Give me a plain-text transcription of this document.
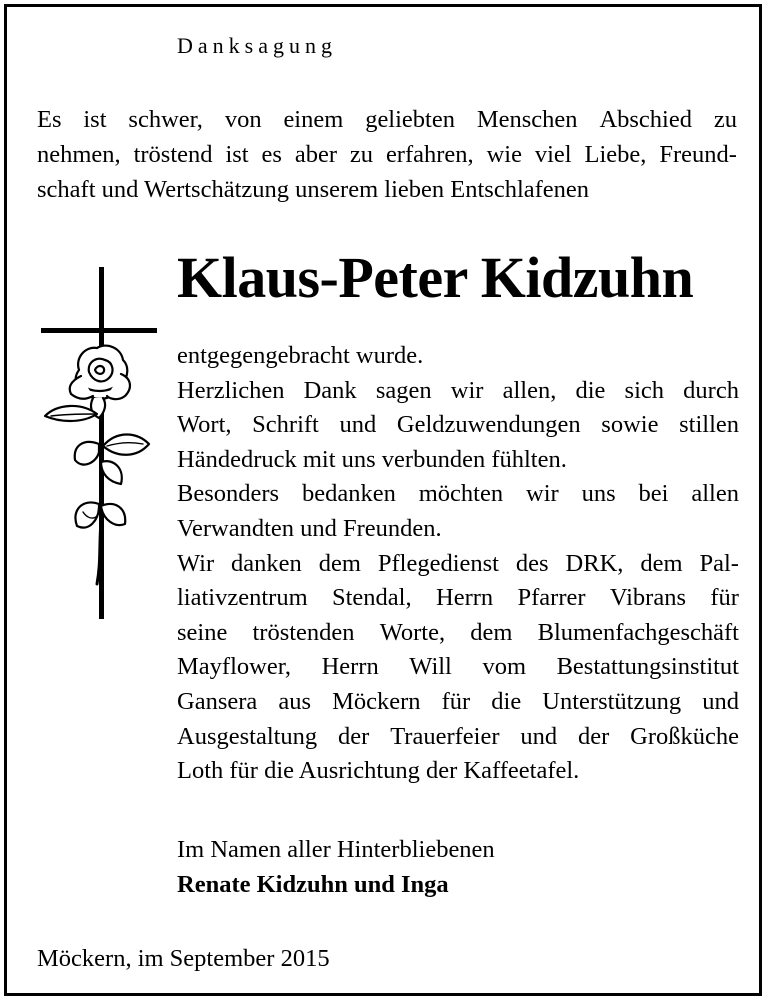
Danksagung
Es ist schwer, von einem geliebten Menschen Abschied zu
nehmen, tröstend ist es aber zu erfahren, wie viel Liebe, Freund-
schaft und Wertschätzung unserem lieben Entschlafenen
Klaus-Peter Kidzuhn
entgegengebracht wurde.
Herzlichen Dank sagen wir allen, die sich durch
Wort, Schrift und Geldzuwendungen sowie stillen
Händedruck mit uns verbunden fühlten.
Besonders bedanken möchten wir uns bei allen
Verwandten und Freunden.
Wir danken dem Pflegedienst des DRK, dem Pal-
liativzentrum Stendal, Herrn Pfarrer Vibrans für
seine tröstenden Worte, dem Blumenfachgeschäft
Mayflower, Herrn Will vom Bestattungsinstitut
Gansera aus Möckern für die Unterstützung und
Ausgestaltung der Trauerfeier und der Großküche
Loth für die Ausrichtung der Kaffeetafel.
Im Namen aller Hinterbliebenen
Renate Kidzuhn und Inga
Möckern, im September 2015
